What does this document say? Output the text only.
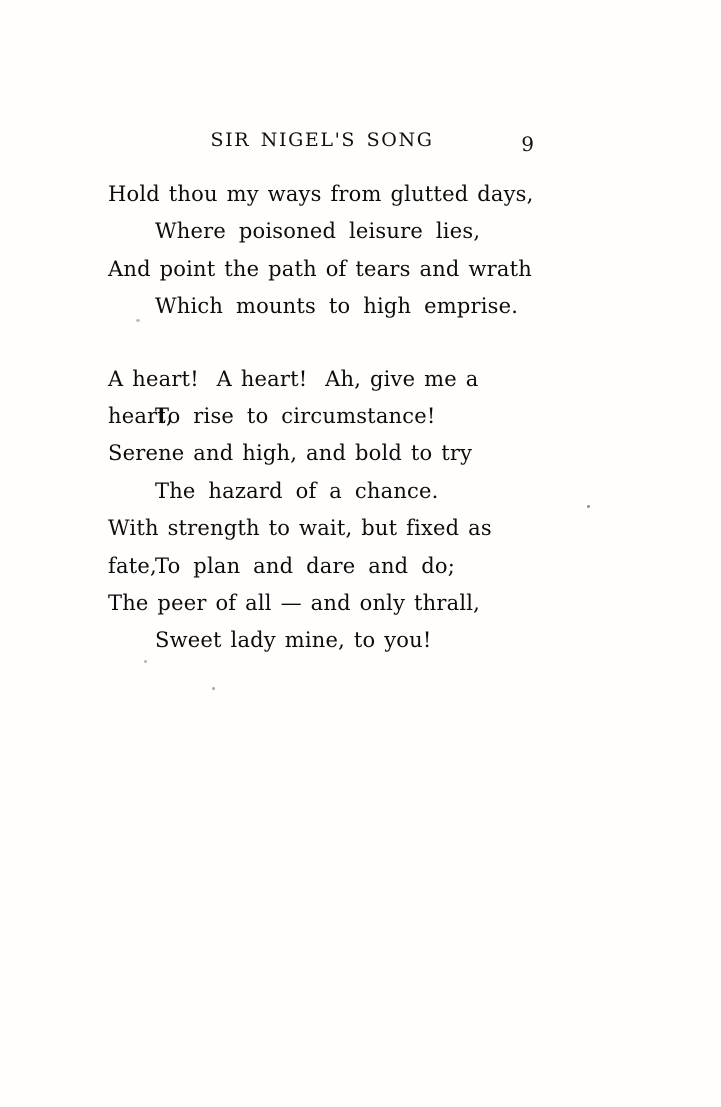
SIR NIGEL'S SONG	9
Hold thou my ways from glutted days,
Where poisoned leisure lies,
And point the path of tears and wrath
Which mounts to high emprise.
A heart!  A heart!  Ah, give me a heart,
To rise to circumstance!
Serene and high, and bold to try
The hazard of a chance.
With strength to wait, but fixed as fate,
To plan and dare and do;
The peer of all — and only thrall,
Sweet lady mine, to you!
